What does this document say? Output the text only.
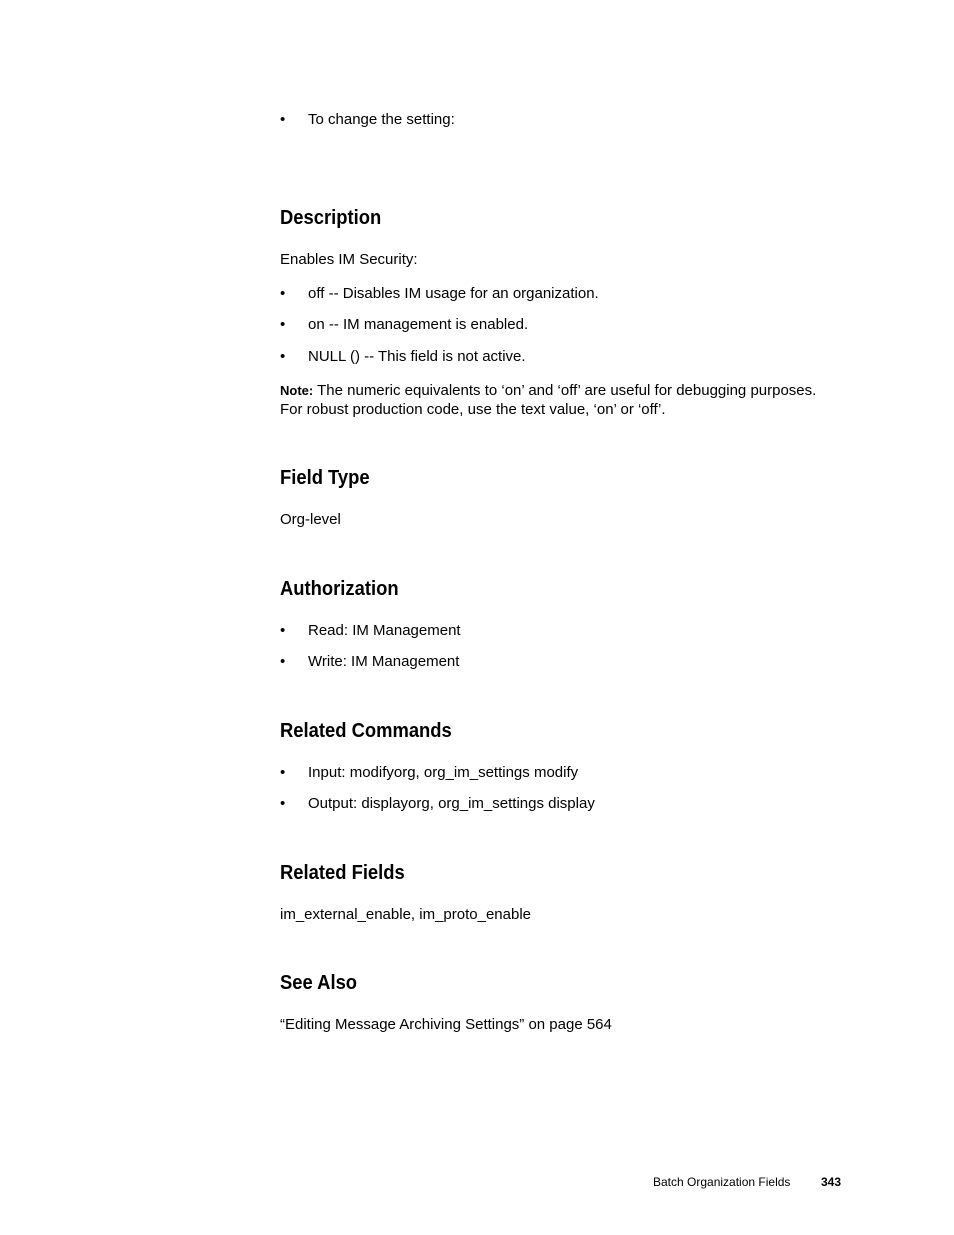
• To change the setting:
Description
Enables IM Security:
• off -- Disables IM usage for an organization.
• on -- IM management is enabled.
• NULL () -- This field is not active.
Note: The numeric equivalents to ‘on’ and ‘off’ are useful for debugging purposes.
For robust production code, use the text value, ‘on’ or ‘off’.
Field Type
Org-level
Authorization
• Read: IM Management
• Write: IM Management
Related Commands
• Input: modifyorg, org_im_settings modify
• Output: displayorg, org_im_settings display
Related Fields
im_external_enable, im_proto_enable
See Also
“Editing Message Archiving Settings” on page 564
Batch Organization Fields	343
